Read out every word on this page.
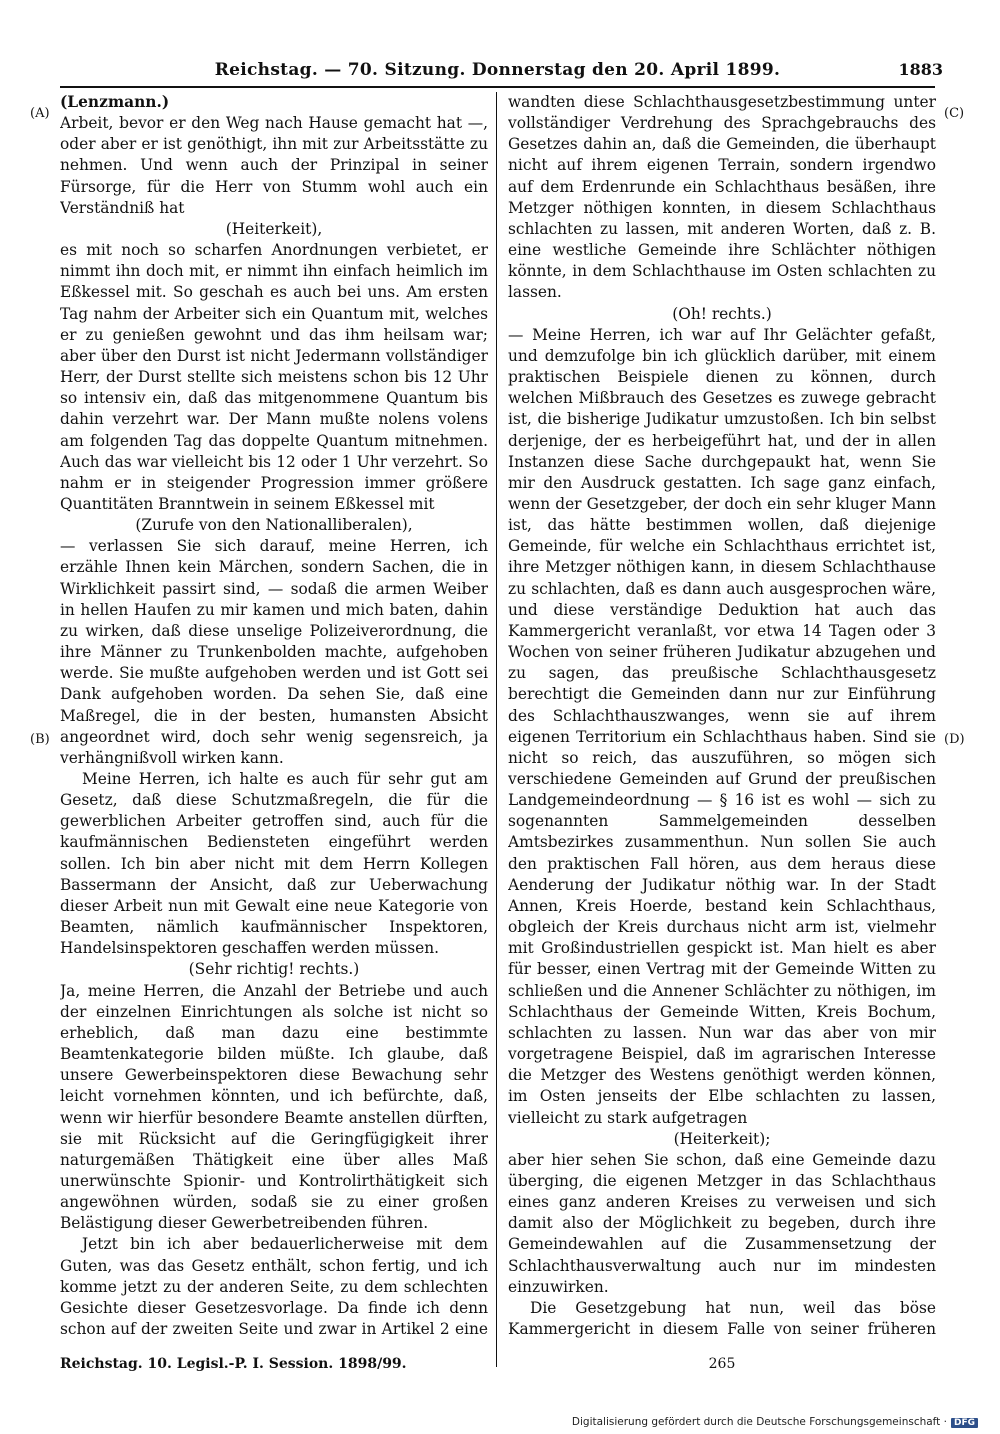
Reichstag. — 70. Sitzung. Donnerstag den 20. April 1899.	1883

(Lenzmann.)

Arbeit, bevor er den Weg nach Hause gemacht hat —, oder aber er ist genöthigt, ihn mit zur Arbeitsstätte zu nehmen. Und wenn auch der Prinzipal in seiner Fürsorge, für die Herr von Stumm wohl auch ein Verständniß hat

(Heiterkeit),

es mit noch so scharfen Anordnungen verbietet, er nimmt ihn doch mit, er nimmt ihn einfach heimlich im Eßkessel mit. So geschah es auch bei uns. Am ersten Tag nahm der Arbeiter sich ein Quantum mit, welches er zu genießen gewohnt und das ihm heilsam war; aber über den Durst ist nicht Jedermann vollständiger Herr, der Durst stellte sich meistens schon bis 12 Uhr so intensiv ein, daß das mitgenommene Quantum bis dahin verzehrt war. Der Mann mußte nolens volens am folgenden Tag das doppelte Quantum mitnehmen. Auch das war vielleicht bis 12 oder 1 Uhr verzehrt. So nahm er in steigender Progression immer größere Quantitäten Branntwein in seinem Eßkessel mit

(Zurufe von den Nationalliberalen),

— verlassen Sie sich darauf, meine Herren, ich erzähle Ihnen kein Märchen, sondern Sachen, die in Wirklichkeit passirt sind, — sodaß die armen Weiber in hellen Haufen zu mir kamen und mich baten, dahin zu wirken, daß diese unselige Polizeiverordnung, die ihre Männer zu Trunkenbolden machte, aufgehoben werde. Sie mußte aufgehoben werden und ist Gott sei Dank aufgehoben worden. Da sehen Sie, daß eine Maßregel, die in der besten, humansten Absicht angeordnet wird, doch sehr wenig segensreich, ja verhängnißvoll wirken kann.

Meine Herren, ich halte es auch für sehr gut am Gesetz, daß diese Schutzmaßregeln, die für die gewerblichen Arbeiter getroffen sind, auch für die kaufmännischen Bediensteten eingeführt werden sollen. Ich bin aber nicht mit dem Herrn Kollegen Bassermann der Ansicht, daß zur Ueberwachung dieser Arbeit nun mit Gewalt eine neue Kategorie von Beamten, nämlich kaufmännischer Inspektoren, Handelsinspektoren geschaffen werden müssen.

(Sehr richtig! rechts.)

Ja, meine Herren, die Anzahl der Betriebe und auch der einzelnen Einrichtungen als solche ist nicht so erheblich, daß man dazu eine bestimmte Beamtenkategorie bilden müßte. Ich glaube, daß unsere Gewerbeinspektoren diese Bewachung sehr leicht vornehmen könnten, und ich befürchte, daß, wenn wir hierfür besondere Beamte anstellen dürften, sie mit Rücksicht auf die Geringfügigkeit ihrer naturgemäßen Thätigkeit eine über alles Maß unerwünschte Spionir- und Kontrolirthätigkeit sich angewöhnen würden, sodaß sie zu einer großen Belästigung dieser Gewerbetreibenden führen.

Jetzt bin ich aber bedauerlicherweise mit dem Guten, was das Gesetz enthält, schon fertig, und ich komme jetzt zu der anderen Seite, zu dem schlechten Gesichte dieser Gesetzesvorlage. Da finde ich denn schon auf der zweiten Seite und zwar in Artikel 2 eine

wandten diese Schlachthausgesetzbestimmung unter vollständiger Verdrehung des Sprachgebrauchs des Gesetzes dahin an, daß die Gemeinden, die überhaupt nicht auf ihrem eigenen Terrain, sondern irgendwo auf dem Erdenrunde ein Schlachthaus besäßen, ihre Metzger nöthigen konnten, in diesem Schlachthaus schlachten zu lassen, mit anderen Worten, daß z. B. eine westliche Gemeinde ihre Schlächter nöthigen könnte, in dem Schlachthause im Osten schlachten zu lassen.

(Oh! rechts.)

— Meine Herren, ich war auf Ihr Gelächter gefaßt, und demzufolge bin ich glücklich darüber, mit einem praktischen Beispiele dienen zu können, durch welchen Mißbrauch des Gesetzes es zuwege gebracht ist, die bisherige Judikatur umzustoßen. Ich bin selbst derjenige, der es herbeigeführt hat, und der in allen Instanzen diese Sache durchgepaukt hat, wenn Sie mir den Ausdruck gestatten. Ich sage ganz einfach, wenn der Gesetzgeber, der doch ein sehr kluger Mann ist, das hätte bestimmen wollen, daß diejenige Gemeinde, für welche ein Schlachthaus errichtet ist, ihre Metzger nöthigen kann, in diesem Schlachthause zu schlachten, daß es dann auch ausgesprochen wäre, und diese verständige Deduktion hat auch das Kammergericht veranlaßt, vor etwa 14 Tagen oder 3 Wochen von seiner früheren Judikatur abzugehen und zu sagen, das preußische Schlachthausgesetz berechtigt die Gemeinden dann nur zur Einführung des Schlachthauszwanges, wenn sie auf ihrem eigenen Territorium ein Schlachthaus haben. Sind sie nicht so reich, das auszuführen, so mögen sich verschiedene Gemeinden auf Grund der preußischen Landgemeindeordnung — § 16 ist es wohl — sich zu sogenannten Sammelgemeinden desselben Amtsbezirkes zusammenthun. Nun sollen Sie auch den praktischen Fall hören, aus dem heraus diese Aenderung der Judikatur nöthig war. In der Stadt Annen, Kreis Hoerde, bestand kein Schlachthaus, obgleich der Kreis durchaus nicht arm ist, vielmehr mit Großindustriellen gespickt ist. Man hielt es aber für besser, einen Vertrag mit der Gemeinde Witten zu schließen und die Annener Schlächter zu nöthigen, im Schlachthaus der Gemeinde Witten, Kreis Bochum, schlachten zu lassen. Nun war das aber von mir vorgetragene Beispiel, daß im agrarischen Interesse die Metzger des Westens genöthigt werden können, im Osten jenseits der Elbe schlachten zu lassen, vielleicht zu stark aufgetragen

(Heiterkeit);

aber hier sehen Sie schon, daß eine Gemeinde dazu überging, die eigenen Metzger in das Schlachthaus eines ganz anderen Kreises zu verweisen und sich damit also der Möglichkeit zu begeben, durch ihre Gemeindewahlen auf die Zusammensetzung der Schlachthausverwaltung auch nur im mindesten einzuwirken.

Die Gesetzgebung hat nun, weil das böse Kammergericht in diesem Falle von seiner früheren

(A)
(B)
(C)
(D)
Reichstag. 10. Legisl.-P. I. Session. 1898/99.	265
Digitalisierung gefördert durch die Deutsche Forschungsgemeinschaft · DFG
